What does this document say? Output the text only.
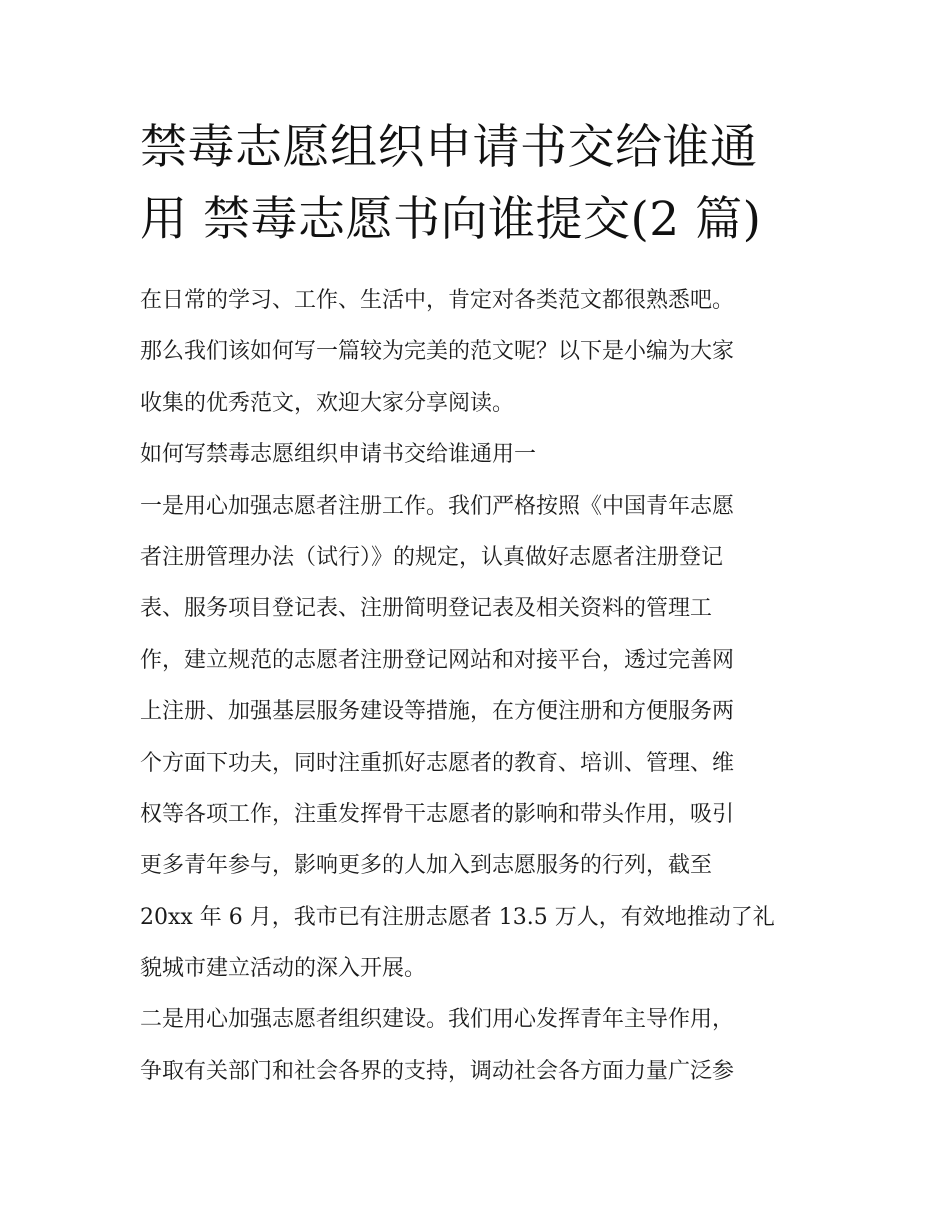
禁毒志愿组织申请书交给谁通
用 禁毒志愿书向谁提交(2 篇)
在日常的学习、工作、生活中，肯定对各类范文都很熟悉吧。
那么我们该如何写一篇较为完美的范文呢？以下是小编为大家
收集的优秀范文，欢迎大家分享阅读。
如何写禁毒志愿组织申请书交给谁通用一
一是用心加强志愿者注册工作。我们严格按照《中国青年志愿
者注册管理办法（试行）》的规定，认真做好志愿者注册登记
表、服务项目登记表、注册简明登记表及相关资料的管理工
作，建立规范的志愿者注册登记网站和对接平台，透过完善网
上注册、加强基层服务建设等措施，在方便注册和方便服务两
个方面下功夫，同时注重抓好志愿者的教育、培训、管理、维
权等各项工作，注重发挥骨干志愿者的影响和带头作用，吸引
更多青年参与，影响更多的人加入到志愿服务的行列，截至
20xx 年 6 月，我市已有注册志愿者 13.5 万人，有效地推动了礼
貌城市建立活动的深入开展。
二是用心加强志愿者组织建设。我们用心发挥青年主导作用，
争取有关部门和社会各界的支持，调动社会各方面力量广泛参
